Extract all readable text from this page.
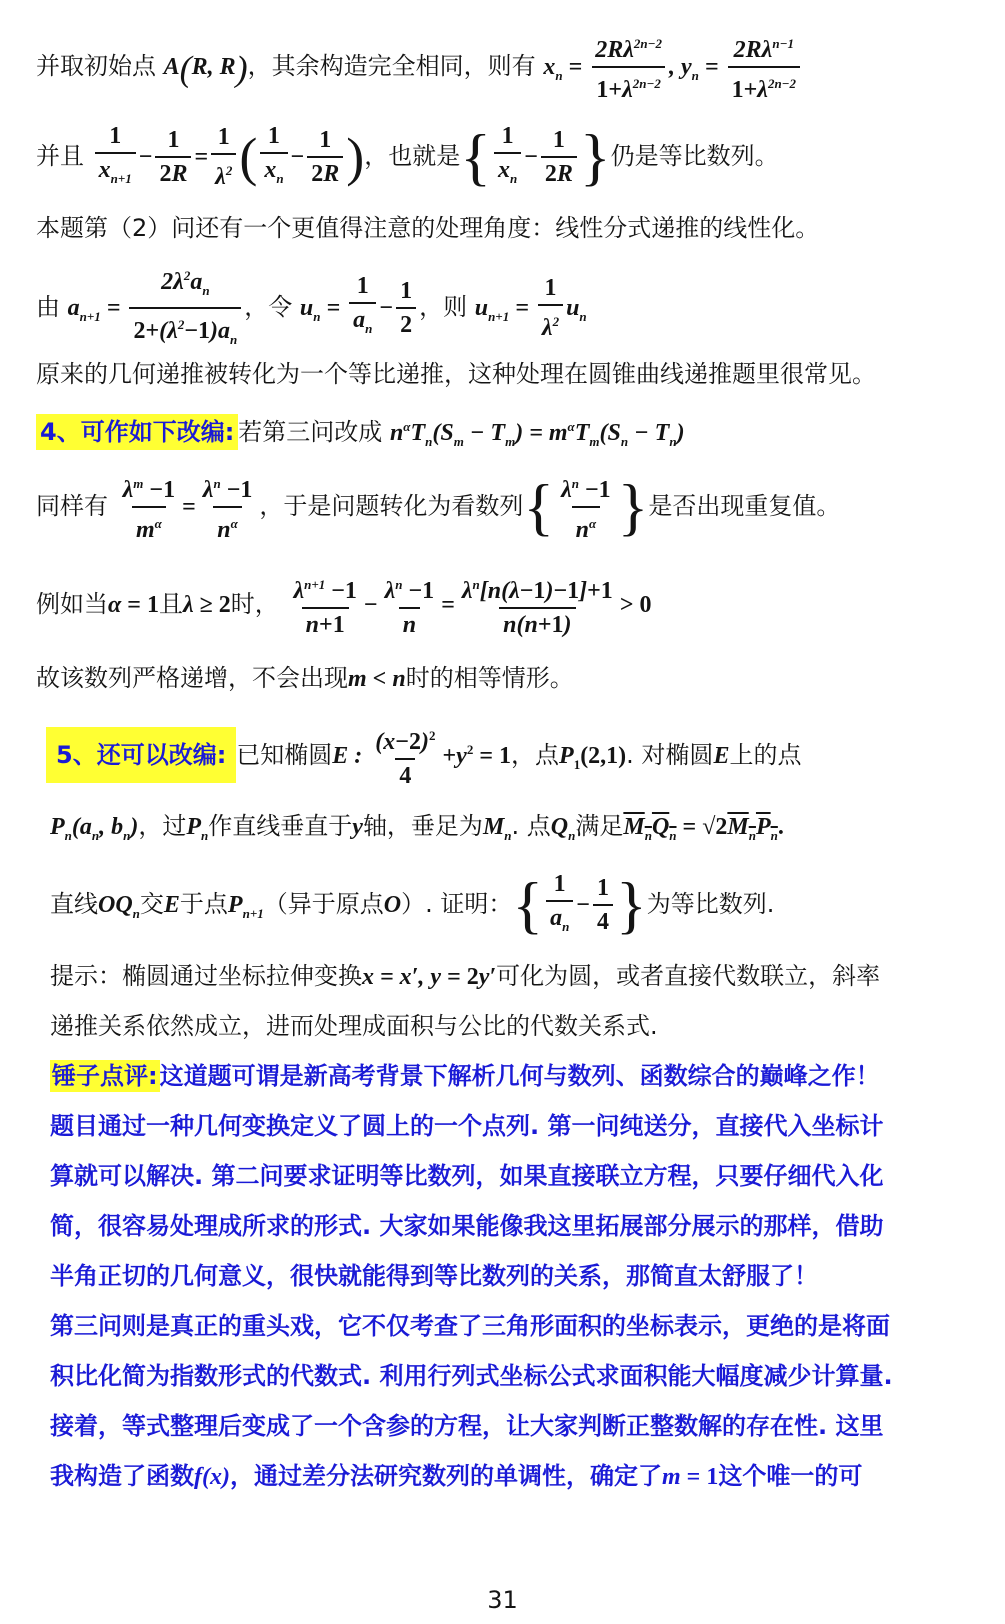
并取初始点 A(R, R)，其余构造完全相同，则有 $x_n = \frac{2R\lambda^{2n-2}}{1+\lambda^{2n-2}}$ , $y_n = \frac{2R\lambda^{n-1}}{1+\lambda^{2n-2}}$
并且 $\frac{1}{x_{n+1}} - \frac{1}{2R} = \frac{1}{\lambda^2}$ ( $\frac{1}{x_n} - \frac{1}{2R}$ )，也就是{ $\frac{1}{x_n} - \frac{1}{2R}$ }仍是等比数列。
本题第（2）问还有一个更值得注意的处理角度：线性分式递推的线性化。
由 $a_{n+1} = \frac{2\lambda^2a_n}{2+(\lambda^2-1)a_n}$ ，令 $u_n = \frac{1}{a_n} - \frac{1}{2}$ ，则 $u_{n+1} = \frac{1}{\lambda^2} u_n$
原来的几何递推被转化为一个等比递推，这种处理在圆锥曲线递推题里很常见。
4、可作如下改编: 若第三问改成 $n^\alpha T_n(S_m - T_m) = m^\alpha T_m(S_n - T_n)$
同样有 $\frac{\lambda^m -1}{m^\alpha} = \frac{\lambda^n -1}{n^\alpha}$ ，于是问题转化为看数列{ $\frac{\lambda^n -1}{n^\alpha}$ }是否出现重复值。
例如当α = 1且λ ≥ 2时， $\frac{\lambda^{n+1} -1}{n+1} - \frac{\lambda^n -1}{n} = \frac{\lambda^n[n(\lambda-1)-1]+1}{n(n+1)} > 0$
故该数列严格递增，不会出现m < n时的相等情形。
5、还可以改编: 已知椭圆E : $\frac{(x-2)^2}{4} +y^2 = 1$，点$P_1(2,1)$. 对椭圆E上的点
$P_n(a_n$, $b_n$)，过$P_n$作直线垂直于y轴，垂足为$M_n$. 点$Q_n$满足$M_nQ_n = √2M_nP_n$.
直线$OQ_n$交E于点$P_{n+1}$（异于原点O）. 证明：{ $\frac{1}{a_n} - \frac{1}{4}$ }为等比数列.
提示：椭圆通过坐标拉伸变换x = x′, y = 2y′可化为圆，或者直接代数联立，斜率
递推关系依然成立，进而处理成面积与公比的代数关系式.
锤子点评:这道题可谓是新高考背景下解析几何与数列、函数综合的巅峰之作！
题目通过一种几何变换定义了圆上的一个点列. 第一问纯送分，直接代入坐标计
算就可以解决. 第二问要求证明等比数列，如果直接联立方程，只要仔细代入化
简，很容易处理成所求的形式. 大家如果能像我这里拓展部分展示的那样，借助
半角正切的几何意义，很快就能得到等比数列的关系，那简直太舒服了！
第三问则是真正的重头戏，它不仅考查了三角形面积的坐标表示，更绝的是将面
积比化简为指数形式的代数式. 利用行列式坐标公式求面积能大幅度减少计算量.
接着，等式整理后变成了一个含参的方程，让大家判断正整数解的存在性. 这里
我构造了函数f(x)，通过差分法研究数列的单调性，确定了m = 1这个唯一的可
31
